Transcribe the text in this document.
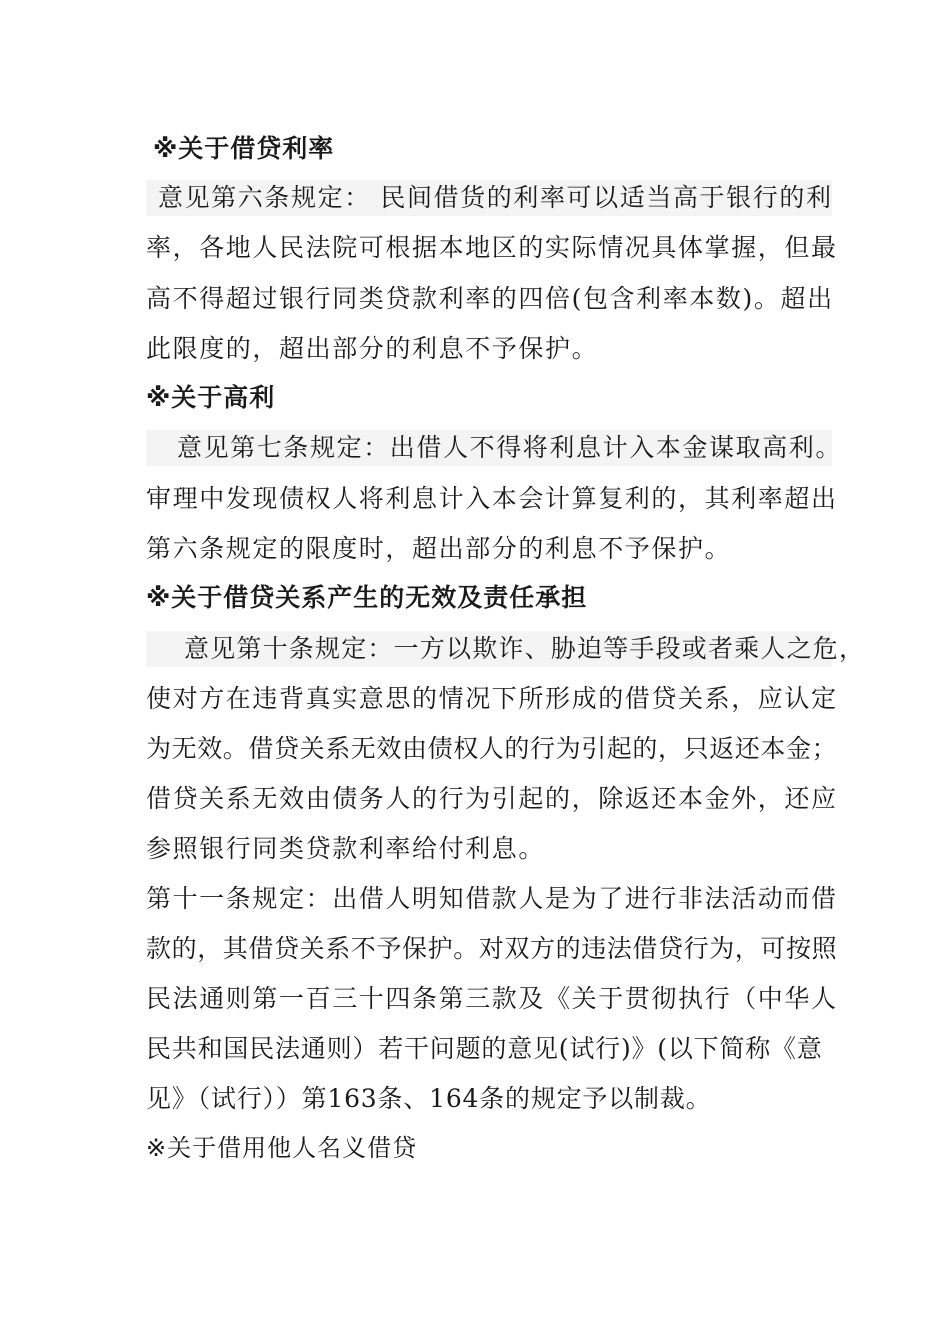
※关于借贷利率
意见第六条规定： 民间借货的利率可以适当高于银行的利
率，各地人民法院可根据本地区的实际情况具体掌握，但最
高不得超过银行同类贷款利率的四倍(包含利率本数)。超出
此限度的，超出部分的利息不予保护。
※关于高利
意见第七条规定：出借人不得将利息计入本金谋取高利。
审理中发现债权人将利息计入本会计算复利的，其利率超出
第六条规定的限度时，超出部分的利息不予保护。
※关于借贷关系产生的无效及责任承担
意见第十条规定：一方以欺诈、胁迫等手段或者乘人之危，
使对方在违背真实意思的情况下所形成的借贷关系，应认定
为无效。借贷关系无效由债权人的行为引起的，只返还本金；
借贷关系无效由债务人的行为引起的，除返还本金外，还应
参照银行同类贷款利率给付利息。
第十一条规定：出借人明知借款人是为了进行非法活动而借
款的，其借贷关系不予保护。对双方的违法借贷行为，可按照
民法通则第一百三十四条第三款及《关于贯彻执行（中华人
民共和国民法通则）若干问题的意见(试行)》(以下简称《意
见》（试行））第163条、164条的规定予以制裁。
※关于借用他人名义借贷
